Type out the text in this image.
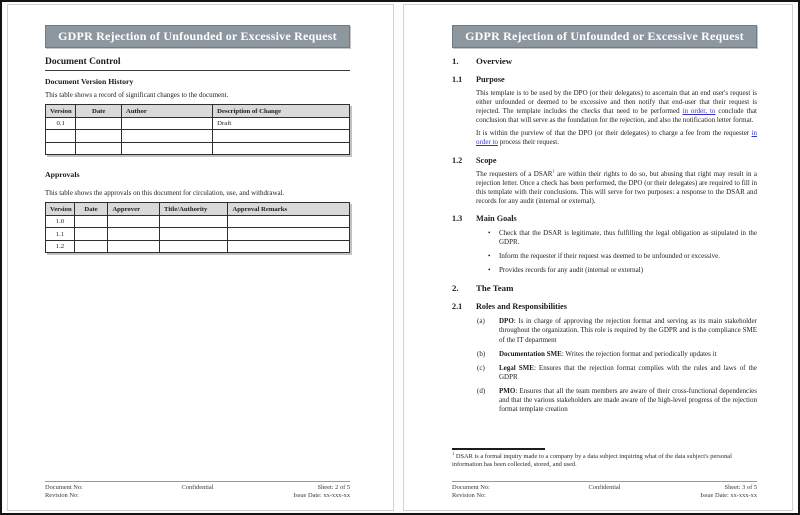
GDPR Rejection of Unfounded or Excessive Request
Document Control
Document Version History

This table shows a record of significant changes to the document.

Version	Date	Author	Description of Change
0.1			Draft

Approvals

This table shows the approvals on this document for circulation, use, and withdrawal.

Version	Date	Approver	Title/Authority	Approval Remarks
1.0				
1.1				
1.2				
Document No:
Revision No:
Confidential	Sheet: 2 of 5
Issue Date: xx-xxx-xx
GDPR Rejection of Unfounded or Excessive Request
1.	Overview
1.1	Purpose

This template is to be used by the DPO (or their delegates) to ascertain that an end user's request is either unfounded or deemed to be excessive and then notify that end-user that their request is rejected. The template includes the checks that need to be performed in order, to conclude that conclusion that will serve as the foundation for the rejection, and also the notification letter format.

It is within the purview of that the DPO (or their delegates) to charge a fee from the requester in order to process their request.

1.2	Scope

The requesters of a DSAR$^1$ are within their rights to do so, but abusing that right may result in a rejection letter. Once a check has been performed, the DPO (or their delegates) are required to fill in this template with their conclusions. This will serve for two purposes: a response to the DSAR and records for any audit (internal or external).

1.3	Main Goals
•	Check that the DSAR is legitimate, thus fulfilling the legal obligation as stipulated in the GDPR.
•	Inform the requester if their request was deemed to be unfounded or excessive.
•	Provides records for any audit (internal or external)
2.	The Team
2.1	Roles and Responsibilities
(a)	DPO: Is in charge of approving the rejection format and serving as its main stakeholder throughout the organization. This role is required by the GDPR and is the compliance SME of the IT department
(b)	Documentation SME: Writes the rejection format and periodically updates it
(c)	Legal SME: Ensures that the rejection format complies with the rules and laws of the GDPR
(d)	PMO: Ensures that all the team members are aware of their cross-functional dependencies and that the various stakeholders are made aware of the high-level progress of the rejection format template creation
$^1$ DSAR is a formal inquiry made to a company by a data subject inquiring what of the data subject's personal information has been collected, stored, and used.
Document No:
Revision No:
Confidential	Sheet: 3 of 5
Issue Date: xx-xxx-xx
